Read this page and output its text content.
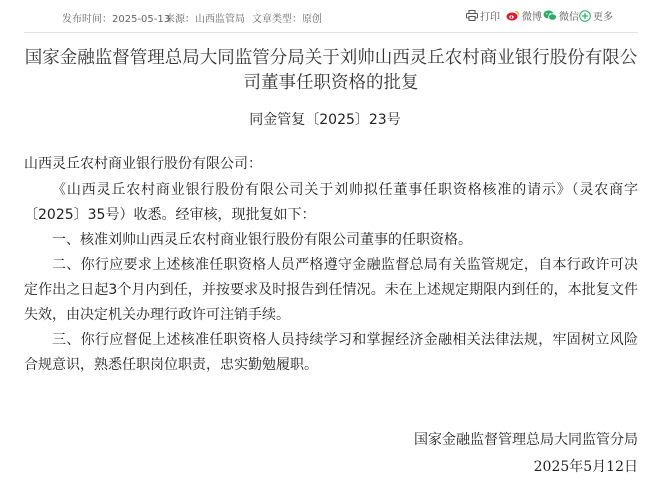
发布时间：2025-05-13
来源：山西监管局 文章类型：原创	打印 微博 微信 更多
国家金融监督管理总局大同监管分局关于刘帅山西灵丘农村商业银行股份有限公司董事任职资格的批复
同金管复〔2025〕23号
山西灵丘农村商业银行股份有限公司：

《山西灵丘农村商业银行股份有限公司关于刘帅拟任董事任职资格核准的请示》（灵农商字〔2025〕35号）收悉。经审核，现批复如下：

一、核准刘帅山西灵丘农村商业银行股份有限公司董事的任职资格。

二、你行应要求上述核准任职资格人员严格遵守金融监督总局有关监管规定，自本行政许可决定作出之日起3个月内到任，并按要求及时报告到任情况。未在上述规定期限内到任的，本批复文件失效，由决定机关办理行政许可注销手续。

三、你行应督促上述核准任职资格人员持续学习和掌握经济金融相关法律法规，牢固树立风险合规意识，熟悉任职岗位职责，忠实勤勉履职。

国家金融监督管理总局大同监管分局
2025年5月12日
